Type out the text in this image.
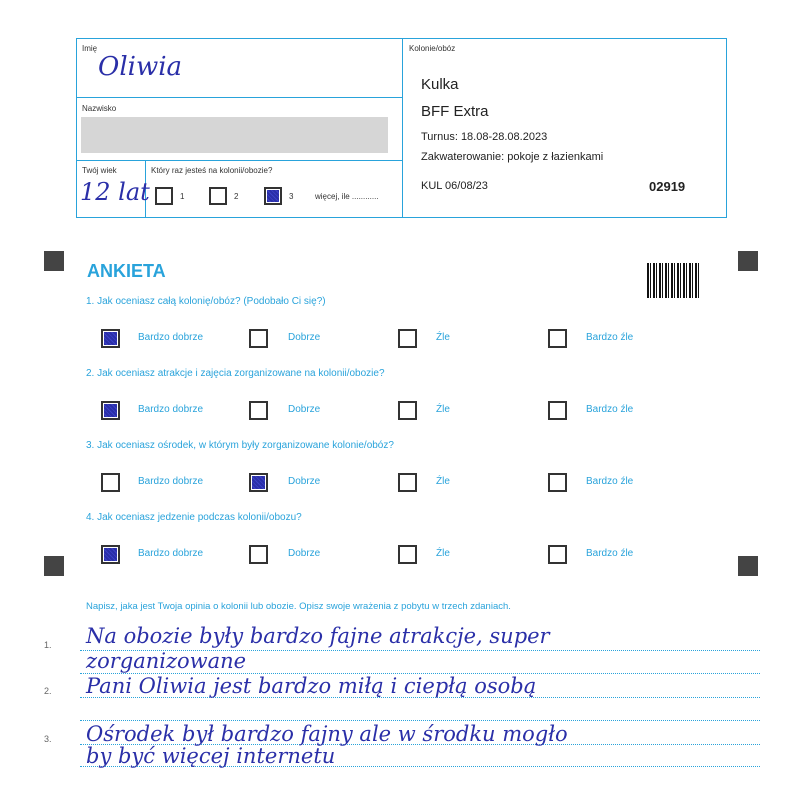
Imię
Oliwia
Nazwisko
Twój wiek
12 lat
Który raz jesteś na kolonii/obozie?
1	2	3	więcej, ile ............
Kolonie/obóz
Kulka
BFF Extra
Turnus: 18.08-28.08.2023
Zakwaterowanie: pokoje z łazienkami
KUL 06/08/23	02919
ANKIETA
1. Jak oceniasz całą kolonię/obóz? (Podobało Ci się?)
Bardzo dobrze	Dobrze	Źle	Bardzo źle
2. Jak oceniasz atrakcje i zajęcia zorganizowane na kolonii/obozie?
Bardzo dobrze	Dobrze	Źle	Bardzo źle
3. Jak oceniasz ośrodek, w którym były zorganizowane kolonie/obóz?
Bardzo dobrze	Dobrze	Źle	Bardzo źle
4. Jak oceniasz jedzenie podczas kolonii/obozu?
Bardzo dobrze	Dobrze	Źle	Bardzo źle
Napisz, jaka jest Twoja opinia o kolonii lub obozie. Opisz swoje wrażenia z pobytu w trzech zdaniach.
1.
2.
3.
Na obozie były bardzo fajne atrakcje, super
zorganizowane
Pani Oliwia jest bardzo miłą i ciepłą osobą
Ośrodek był bardzo fajny ale w środku mogło
by być więcej internetu
